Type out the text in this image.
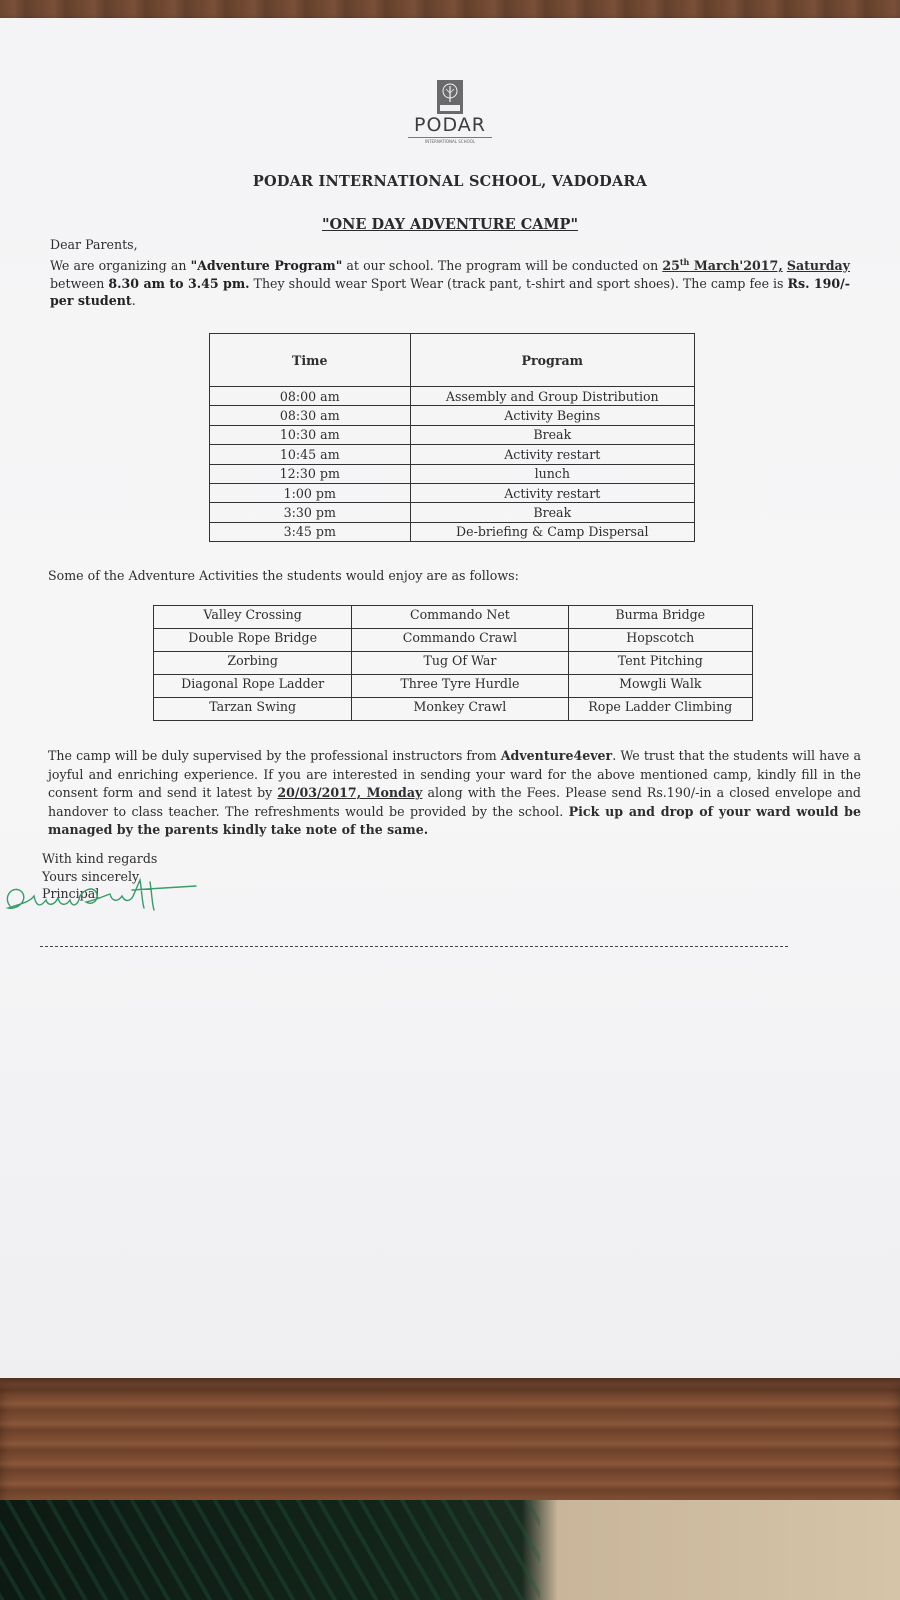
PODAR
INTERNATIONAL SCHOOL
PODAR INTERNATIONAL SCHOOL, VADODARA
"ONE DAY ADVENTURE CAMP"
Dear Parents,
We are organizing an "Adventure Program" at our school. The program will be conducted on 25th March'2017, Saturday between 8.30 am to 3.45 pm. They should wear Sport Wear (track pant, t-shirt and sport shoes). The camp fee is Rs. 190/- per student.
Time	Program
08:00 am	Assembly and Group Distribution
08:30 am	Activity Begins
10:30 am	Break
10:45 am	Activity restart
12:30 pm	lunch
1:00 pm	Activity restart
3:30 pm	Break
3:45 pm	De-briefing & Camp Dispersal
Some of the Adventure Activities the students would enjoy are as follows:
Valley Crossing	Commando Net	Burma Bridge
Double Rope Bridge	Commando Crawl	Hopscotch
Zorbing	Tug Of War	Tent Pitching
Diagonal Rope Ladder	Three Tyre Hurdle	Mowgli Walk
Tarzan Swing	Monkey Crawl	Rope Ladder Climbing
The camp will be duly supervised by the professional instructors from Adventure4ever. We trust that the students will have a joyful and enriching experience. If you are interested in sending your ward for the above mentioned camp, kindly fill in the consent form and send it latest by 20/03/2017, Monday along with the Fees. Please send Rs.190/-in a closed envelope and handover to class teacher. The refreshments would be provided by the school. Pick up and drop of your ward would be managed by the parents kindly take note of the same.
With kind regards
Yours sincerely
Principal
